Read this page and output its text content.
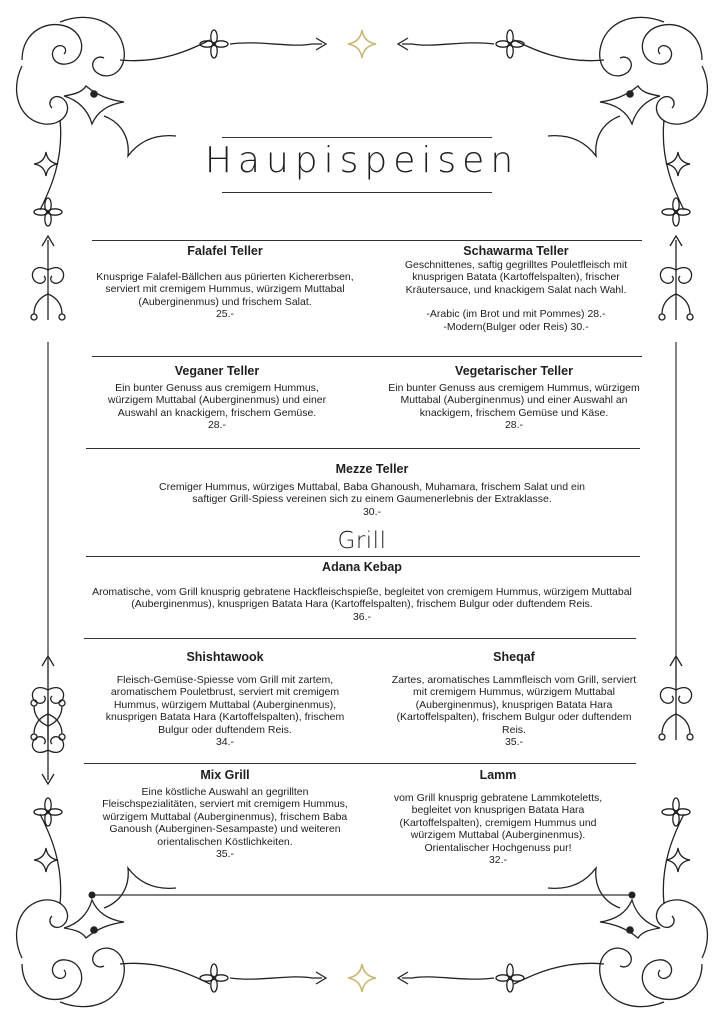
Haupispeisen
Falafel Teller
Knusprige Falafel-Bällchen aus pürierten Kichererbsen, serviert mit cremigem Hummus, würzigem Muttabal (Auberginenmus) und frischem Salat.
25.-
Schawarma Teller
Geschnittenes, saftig gegrilltes Pouletfleisch mit knusprigen Batata (Kartoffelspalten), frischer Kräutersauce, und knackigem Salat nach Wahl.
-Arabic (im Brot und mit Pommes) 28.-
-Modern(Bulger oder Reis) 30.-
Veganer Teller
Ein bunter Genuss aus cremigem Hummus, würzigem Muttabal (Auberginenmus) und einer Auswahl an knackigem, frischem Gemüse.
28.-
Vegetarischer Teller
Ein bunter Genuss aus cremigem Hummus, würzigem Muttabal (Auberginenmus) und einer Auswahl an knackigem, frischem Gemüse und Käse.
28.-
Mezze Teller
Cremiger Hummus, würziges Muttabal, Baba Ghanoush, Muhamara, frischem Salat und ein saftiger Grill-Spiess vereinen sich zu einem Gaumenerlebnis der Extraklasse.
30.-
Grill
Adana Kebap
Aromatische, vom Grill knusprig gebratene Hackfleischspieße, begleitet von cremigem Hummus, würzigem Muttabal (Auberginenmus), knusprigen Batata Hara (Kartoffelspalten), frischem Bulgur oder duftendem Reis.
36.-
Shishtawook
Fleisch-Gemüse-Spiesse vom Grill mit zartem, aromatischem Pouletbrust, serviert mit cremigem Hummus, würzigem Muttabal (Auberginenmus), knusprigen Batata Hara (Kartoffelspalten), frischem Bulgur oder duftendem Reis.
34.-
Sheqaf
Zartes, aromatisches Lammfleisch vom Grill, serviert mit cremigem Hummus, würzigem Muttabal (Auberginenmus), knusprigen Batata Hara (Kartoffelspalten), frischem Bulgur oder duftendem Reis.
35.-
Mix Grill
Eine köstliche Auswahl an gegrillten Fleischspezialitäten, serviert mit cremigem Hummus, würzigem Muttabal (Auberginenmus), frischem Baba Ganoush (Auberginen-Sesampaste) und weiteren orientalischen Köstlichkeiten.
35.-
Lamm
vom Grill knusprig gebratene Lammkoteletts, begleitet von knusprigen Batata Hara (Kartoffelspalten), cremigem Hummus und würzigem Muttabal (Auberginenmus). Orientalischer Hochgenuss pur!
32.-
